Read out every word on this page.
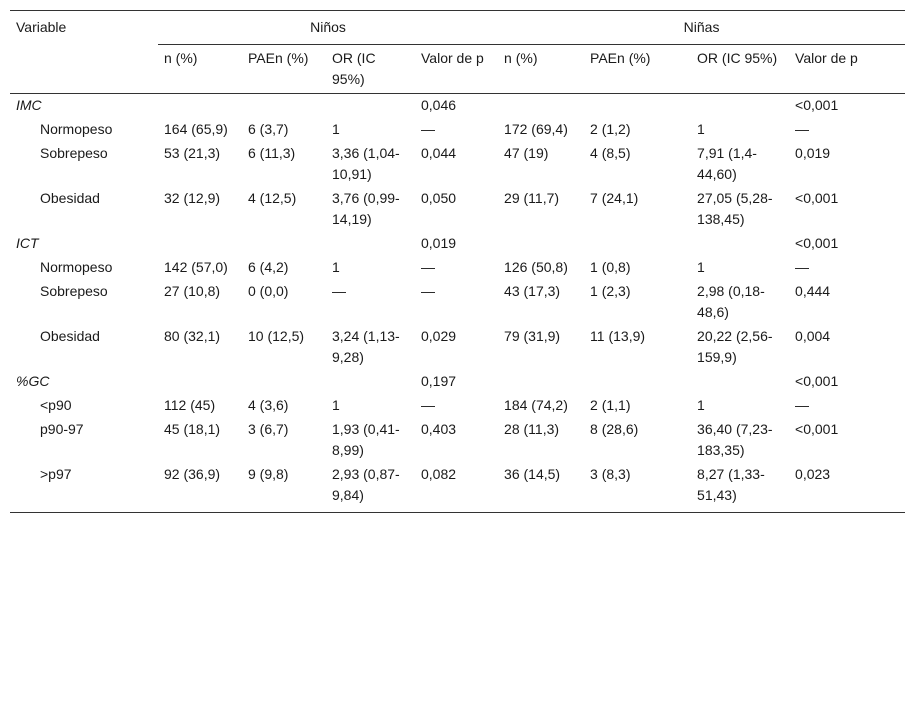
Variable	Niños				Niñas			
	n (%)	PAEn (%)	OR (IC 95%)	Valor de p	n (%)	PAEn (%)	OR (IC 95%)	Valor de p
IMC				0,046				<0,001
Normopeso	164 (65,9)	6 (3,7)	1	—	172 (69,4)	2 (1,2)	1	—
Sobrepeso	53 (21,3)	6 (11,3)	3,36 (1,04-10,91)	0,044	47 (19)	4 (8,5)	7,91 (1,4-44,60)	0,019
Obesidad	32 (12,9)	4 (12,5)	3,76 (0,99-14,19)	0,050	29 (11,7)	7 (24,1)	27,05 (5,28-138,45)	<0,001
ICT				0,019				<0,001
Normopeso	142 (57,0)	6 (4,2)	1	—	126 (50,8)	1 (0,8)	1	—
Sobrepeso	27 (10,8)	0 (0,0)	—	—	43 (17,3)	1 (2,3)	2,98 (0,18-48,6)	0,444
Obesidad	80 (32,1)	10 (12,5)	3,24 (1,13-9,28)	0,029	79 (31,9)	11 (13,9)	20,22 (2,56-159,9)	0,004
%GC				0,197				<0,001
<p90	112 (45)	4 (3,6)	1	—	184 (74,2)	2 (1,1)	1	—
p90-97	45 (18,1)	3 (6,7)	1,93 (0,41-8,99)	0,403	28 (11,3)	8 (28,6)	36,40 (7,23-183,35)	<0,001
>p97	92 (36,9)	9 (9,8)	2,93 (0,87-9,84)	0,082	36 (14,5)	3 (8,3)	8,27 (1,33-51,43)	0,023
